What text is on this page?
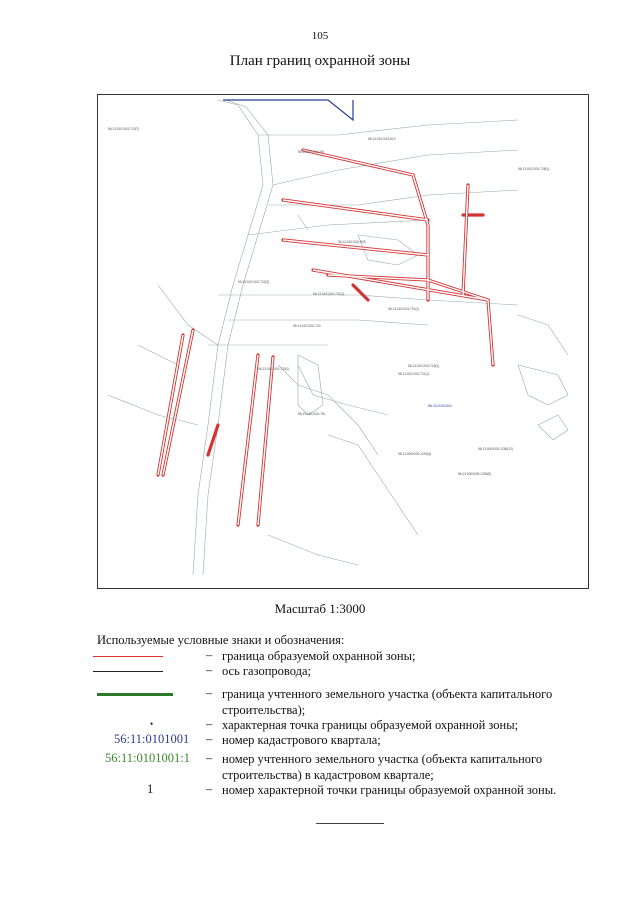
105
План границ охранной зоны
56:13:0101001:819
56:13:0101001:96
56:13:0101001:701(1)
56:13:0101001:720
56:13:0101001:605
56:13:0101001:732(2)
56:13:0101001:731(2)
56:13:0101001:726(1)
56:13:0101001:731(1)
56:13:0101001:733(1)
56:13:0101001:781
56:13:0000000:1200(6)
56:13:0000000:1255(8)
56:13:0000000:1256(12)
56:13:0101001:738(1)
56:13:0101001:732(7)
56:13:0101001
Масштаб 1:3000
Используемые условные знаки и обозначения:
– граница образуемой охранной зоны;
– ось газопровода;
– граница учтенного земельного участка (объекта капитального строительства);
•	– характерная точка границы образуемой охранной зоны;
56:11:0101001 – номер кадастрового квартала;
56:11:0101001:1 – номер учтенного земельного участка (объекта капитального строительства) в кадастровом квартале;
1	– номер характерной точки границы образуемой охранной зоны.
